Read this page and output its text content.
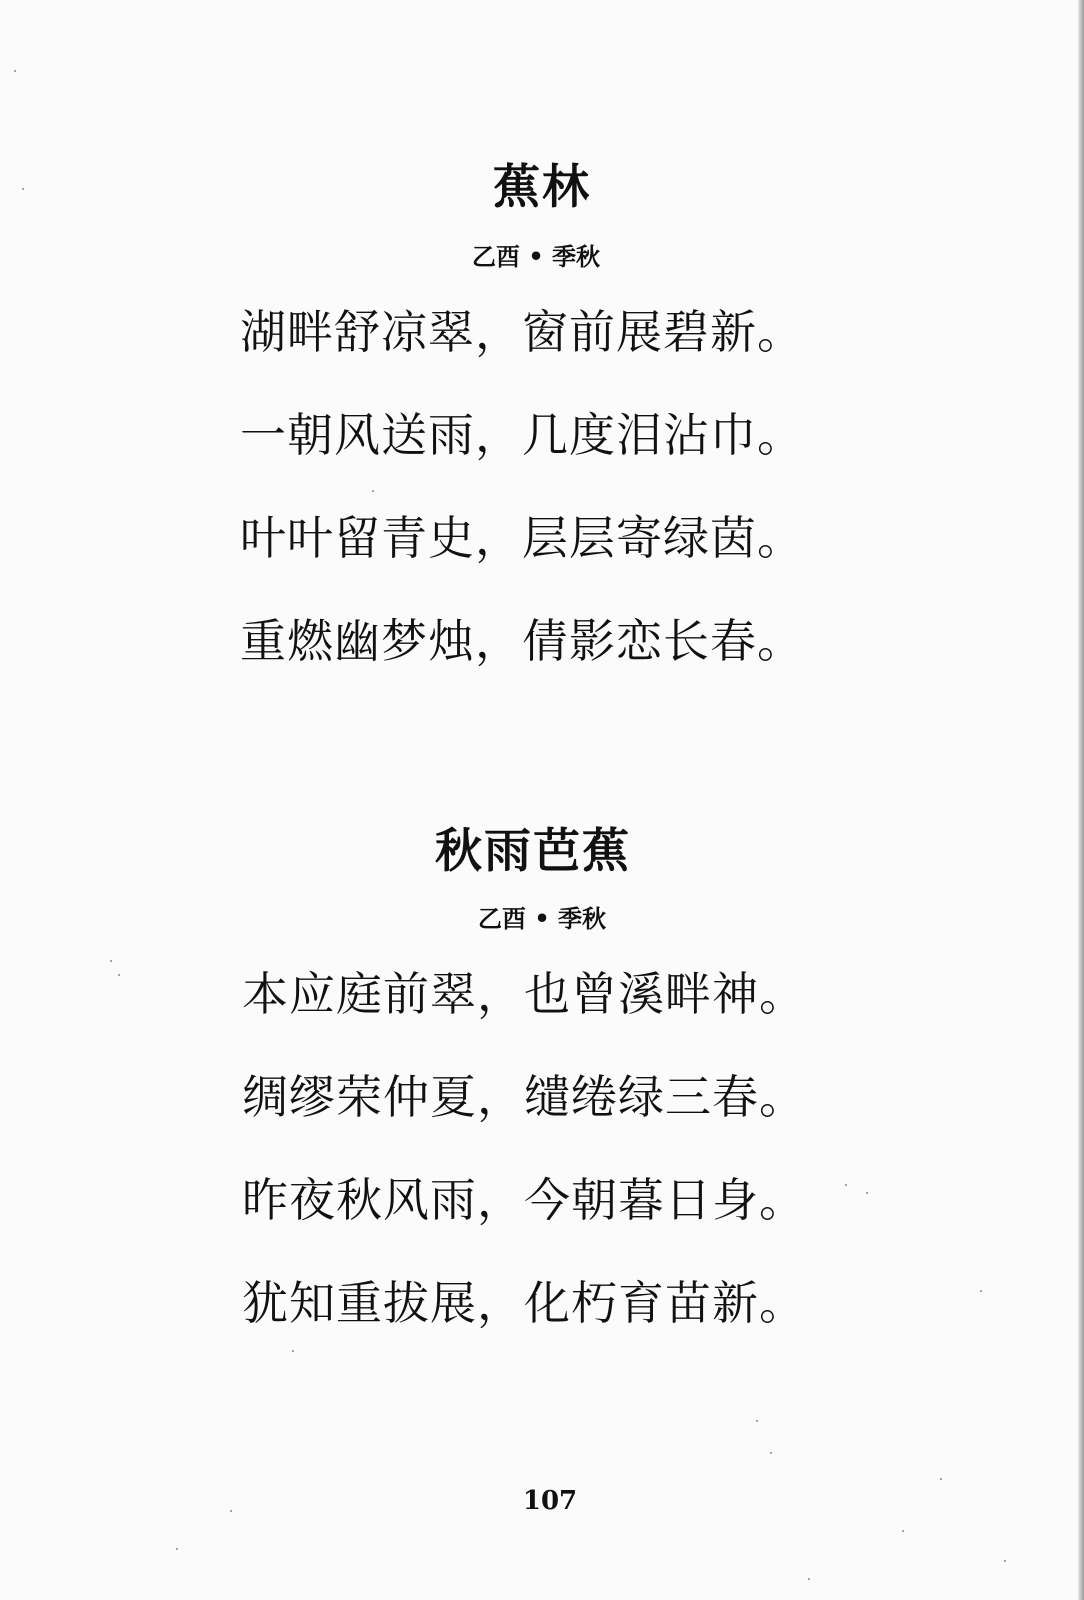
蕉林
乙酉 • 季秋

湖畔舒凉翠，窗前展碧新。

一朝风送雨，几度泪沾巾。

叶叶留青史，层层寄绿茵。

重燃幽梦烛，倩影恋长春。

秋雨芭蕉
乙酉 • 季秋

本应庭前翠，也曾溪畔神。

绸缪荣仲夏，缱绻绿三春。

昨夜秋风雨，今朝暮日身。

犹知重拔展，化朽育苗新。

107
